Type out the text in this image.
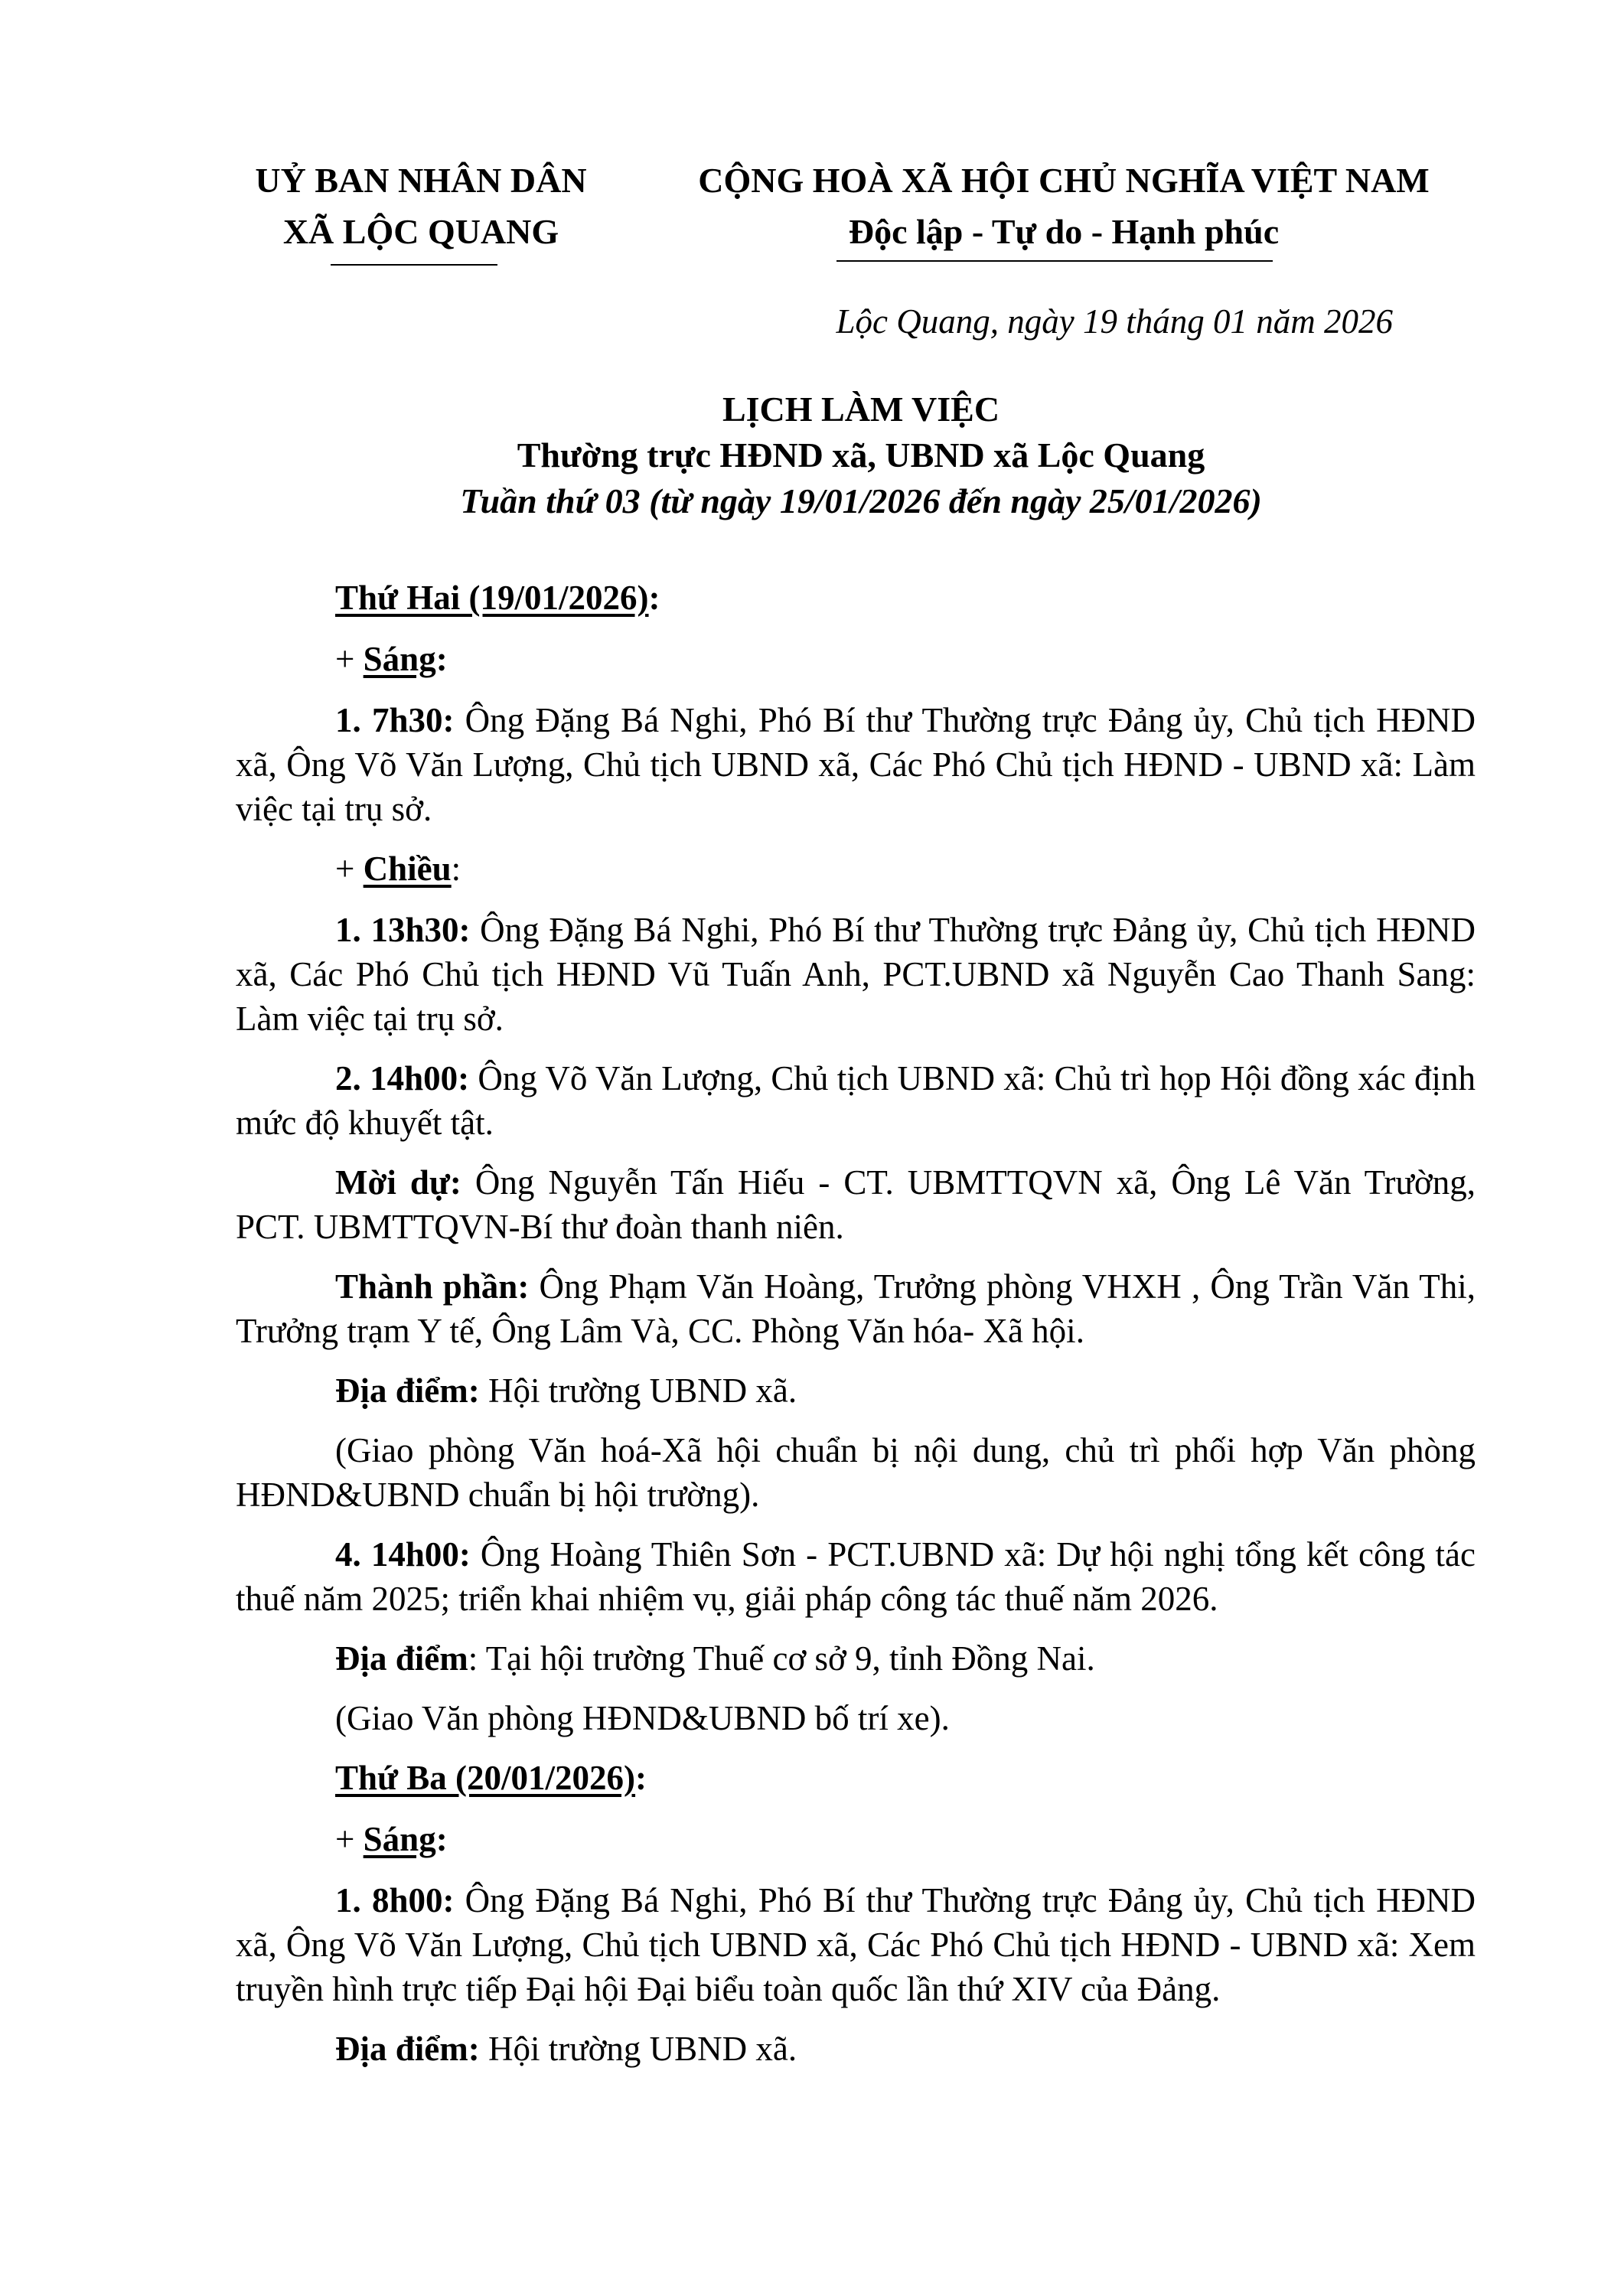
UỶ BAN NHÂN DÂN
XÃ LỘC QUANG
CỘNG HOÀ XÃ HỘI CHỦ NGHĨA VIỆT NAM
Độc lập - Tự do - Hạnh phúc
Lộc Quang, ngày 19 tháng 01 năm 2026
LỊCH LÀM VIỆC
Thường trực HĐND xã, UBND xã Lộc Quang
Tuần thứ 03 (từ ngày 19/01/2026 đến ngày 25/01/2026)

Thứ Hai (19/01/2026):

+ Sáng:

1. 7h30: Ông Đặng Bá Nghi, Phó Bí thư Thường trực Đảng ủy, Chủ tịch HĐND xã, Ông Võ Văn Lượng, Chủ tịch UBND xã, Các Phó Chủ tịch HĐND - UBND xã: Làm việc tại trụ sở.

+ Chiều:

1. 13h30: Ông Đặng Bá Nghi, Phó Bí thư Thường trực Đảng ủy, Chủ tịch HĐND xã, Các Phó Chủ tịch HĐND Vũ Tuấn Anh, PCT.UBND xã Nguyễn Cao Thanh Sang: Làm việc tại trụ sở.

2. 14h00: Ông Võ Văn Lượng, Chủ tịch UBND xã: Chủ trì họp Hội đồng xác định mức độ khuyết tật.

Mời dự: Ông Nguyễn Tấn Hiếu - CT. UBMTTQVN xã, Ông Lê Văn Trường, PCT. UBMTTQVN-Bí thư đoàn thanh niên.

Thành phần: Ông Phạm Văn Hoàng, Trưởng phòng VHXH , Ông Trần Văn Thi, Trưởng trạm Y tế, Ông Lâm Và, CC. Phòng Văn hóa- Xã hội.

Địa điểm: Hội trường UBND xã.

(Giao phòng Văn hoá-Xã hội chuẩn bị nội dung, chủ trì phối hợp Văn phòng HĐND&UBND chuẩn bị hội trường).

4. 14h00: Ông Hoàng Thiên Sơn - PCT.UBND xã: Dự hội nghị tổng kết công tác thuế năm 2025; triển khai nhiệm vụ, giải pháp công tác thuế năm 2026.

Địa điểm: Tại hội trường Thuế cơ sở 9, tỉnh Đồng Nai.

(Giao Văn phòng HĐND&UBND bố trí xe).

Thứ Ba (20/01/2026):

+ Sáng:

1. 8h00: Ông Đặng Bá Nghi, Phó Bí thư Thường trực Đảng ủy, Chủ tịch HĐND xã, Ông Võ Văn Lượng, Chủ tịch UBND xã, Các Phó Chủ tịch HĐND - UBND xã: Xem truyền hình trực tiếp Đại hội Đại biểu toàn quốc lần thứ XIV của Đảng.

Địa điểm: Hội trường UBND xã.
